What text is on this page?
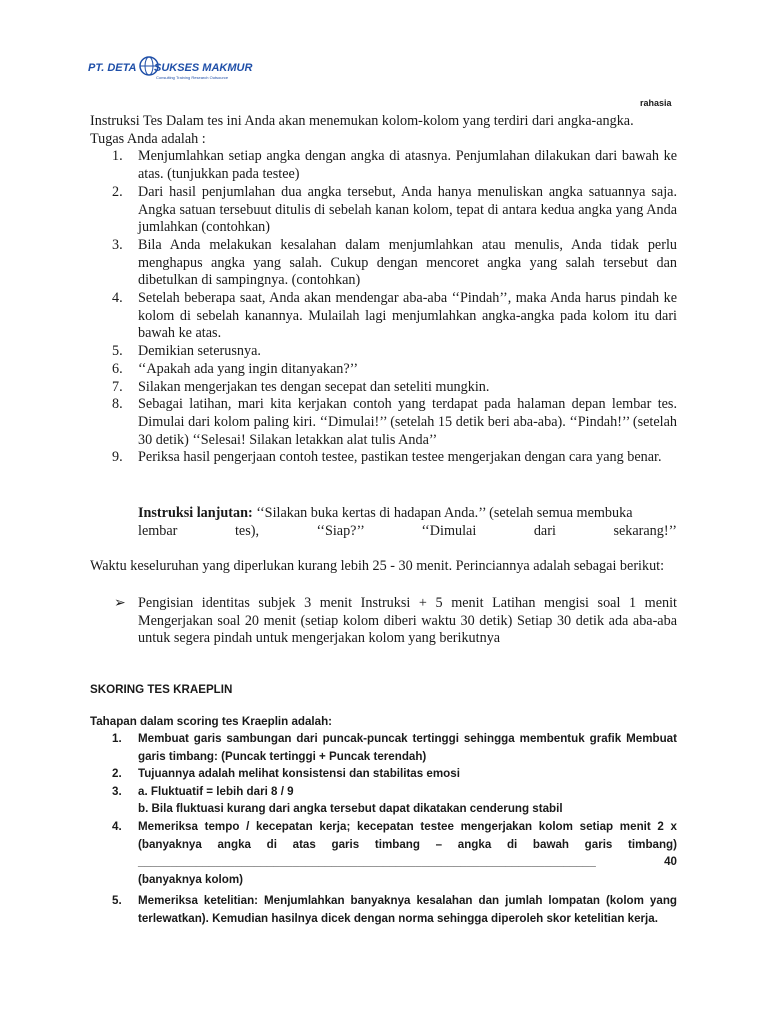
PT. DETA SUKSES MAKMUR
Consulting Training Research Outsource
rahasia
Instruksi Tes Dalam tes ini Anda akan menemukan kolom-kolom yang terdiri dari angka-angka.
Tugas Anda adalah :
1. Menjumlahkan setiap angka dengan angka di atasnya. Penjumlahan dilakukan dari bawah ke atas. (tunjukkan pada testee)
2. Dari hasil penjumlahan dua angka tersebut, Anda hanya menuliskan angka satuannya saja. Angka satuan tersebuut ditulis di sebelah kanan kolom, tepat di antara kedua angka yang Anda jumlahkan (contohkan)
3. Bila Anda melakukan kesalahan dalam menjumlahkan atau menulis, Anda tidak perlu menghapus angka yang salah. Cukup dengan mencoret angka yang salah tersebut dan dibetulkan di sampingnya. (contohkan)
4. Setelah beberapa saat, Anda akan mendengar aba-aba ‘‘Pindah’’, maka Anda harus pindah ke kolom di sebelah kanannya. Mulailah lagi menjumlahkan angka-angka pada kolom itu dari bawah ke atas.
5. Demikian seterusnya.
6. ‘‘Apakah ada yang ingin ditanyakan?’’
7. Silakan mengerjakan tes dengan secepat dan seteliti mungkin.
8. Sebagai latihan, mari kita kerjakan contoh yang terdapat pada halaman depan lembar tes. Dimulai dari kolom paling kiri. ‘‘Dimulai!’’ (setelah 15 detik beri aba-aba). ‘‘Pindah!’’ (setelah 30 detik) ‘‘Selesai! Silakan letakkan alat tulis Anda’’
9. Periksa hasil pengerjaan contoh testee, pastikan testee mengerjakan dengan cara yang benar.
Instruksi lanjutan: ‘‘Silakan buka kertas di hadapan Anda.’’ (setelah semua membuka
lembar tes), ‘‘Siap?’’ ‘‘Dimulai dari sekarang!’’
Waktu keseluruhan yang diperlukan kurang lebih 25 - 30 menit. Perinciannya adalah sebagai berikut:
➢ Pengisian identitas subjek 3 menit Instruksi + 5 menit Latihan mengisi soal 1 menit Mengerjakan soal 20 menit (setiap kolom diberi waktu 30 detik) Setiap 30 detik ada aba-aba untuk segera pindah untuk mengerjakan kolom yang berikutnya
SKORING TES KRAEPLIN
Tahapan dalam scoring tes Kraeplin adalah:
1. Membuat garis sambungan dari puncak-puncak tertinggi sehingga membentuk grafik Membuat garis timbang: (Puncak tertinggi + Puncak terendah)
2. Tujuannya adalah melihat konsistensi dan stabilitas emosi
3. a. Fluktuatif = lebih dari 8 / 9
b. Bila fluktuasi kurang dari angka tersebut dapat dikatakan cenderung stabil
4. Memeriksa tempo / kecepatan kerja; kecepatan testee mengerjakan kolom setiap menit 2 x (banyaknya angka di atas garis timbang – angka di bawah garis timbang) _______________________________________________________________________ 40 (banyaknya kolom)
5. Memeriksa ketelitian: Menjumlahkan banyaknya kesalahan dan jumlah lompatan (kolom yang terlewatkan). Kemudian hasilnya dicek dengan norma sehingga diperoleh skor ketelitian kerja.
